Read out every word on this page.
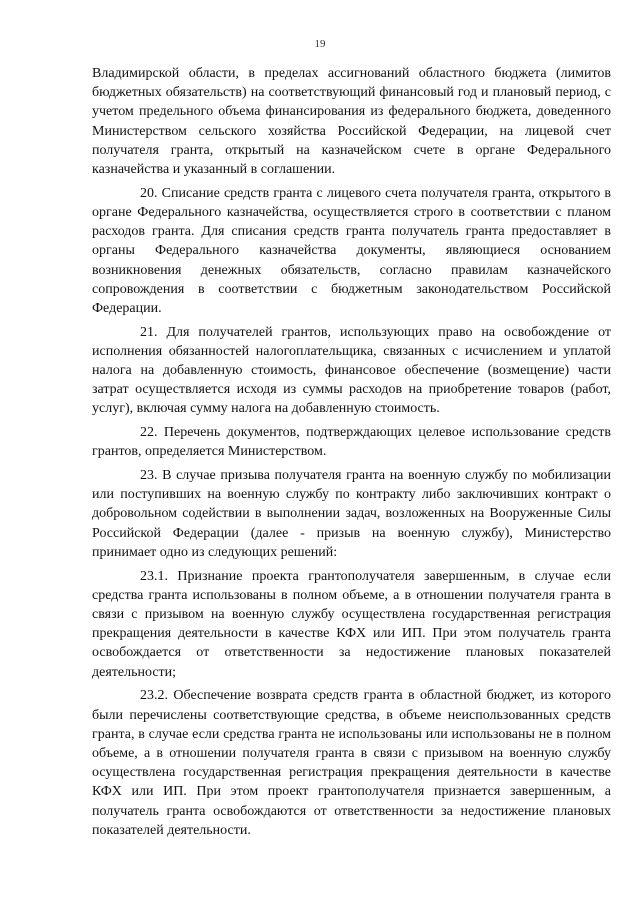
19

Владимирской области, в пределах ассигнований областного бюджета (лимитов бюджетных обязательств) на соответствующий финансовый год и плановый период, с учетом предельного объема финансирования из федерального бюджета, доведенного Министерством сельского хозяйства Российской Федерации, на лицевой счет получателя гранта, открытый на казначейском счете в органе Федерального казначейства и указанный в соглашении.

20. Списание средств гранта с лицевого счета получателя гранта, открытого в органе Федерального казначейства, осуществляется строго в соответствии с планом расходов гранта. Для списания средств гранта получатель гранта предоставляет в органы Федерального казначейства документы, являющиеся основанием возникновения денежных обязательств, согласно правилам казначейского сопровождения в соответствии с бюджетным законодательством Российской Федерации.

21. Для получателей грантов, использующих право на освобождение от исполнения обязанностей налогоплательщика, связанных с исчислением и уплатой налога на добавленную стоимость, финансовое обеспечение (возмещение) части затрат осуществляется исходя из суммы расходов на приобретение товаров (работ, услуг), включая сумму налога на добавленную стоимость.

22. Перечень документов, подтверждающих целевое использование средств грантов, определяется Министерством.

23. В случае призыва получателя гранта на военную службу по мобилизации или поступивших на военную службу по контракту либо заключивших контракт о добровольном содействии в выполнении задач, возложенных на Вооруженные Силы Российской Федерации (далее - призыв на военную службу), Министерство принимает одно из следующих решений:

23.1. Признание проекта грантополучателя завершенным, в случае если средства гранта использованы в полном объеме, а в отношении получателя гранта в связи с призывом на военную службу осуществлена государственная регистрация прекращения деятельности в качестве КФХ или ИП. При этом получатель гранта освобождается от ответственности за недостижение плановых показателей деятельности;

23.2. Обеспечение возврата средств гранта в областной бюджет, из которого были перечислены соответствующие средства, в объеме неиспользованных средств гранта, в случае если средства гранта не использованы или использованы не в полном объеме, а в отношении получателя гранта в связи с призывом на военную службу осуществлена государственная регистрация прекращения деятельности в качестве КФХ или ИП. При этом проект грантополучателя признается завершенным, а получатель гранта освобождаются от ответственности за недостижение плановых показателей деятельности.
